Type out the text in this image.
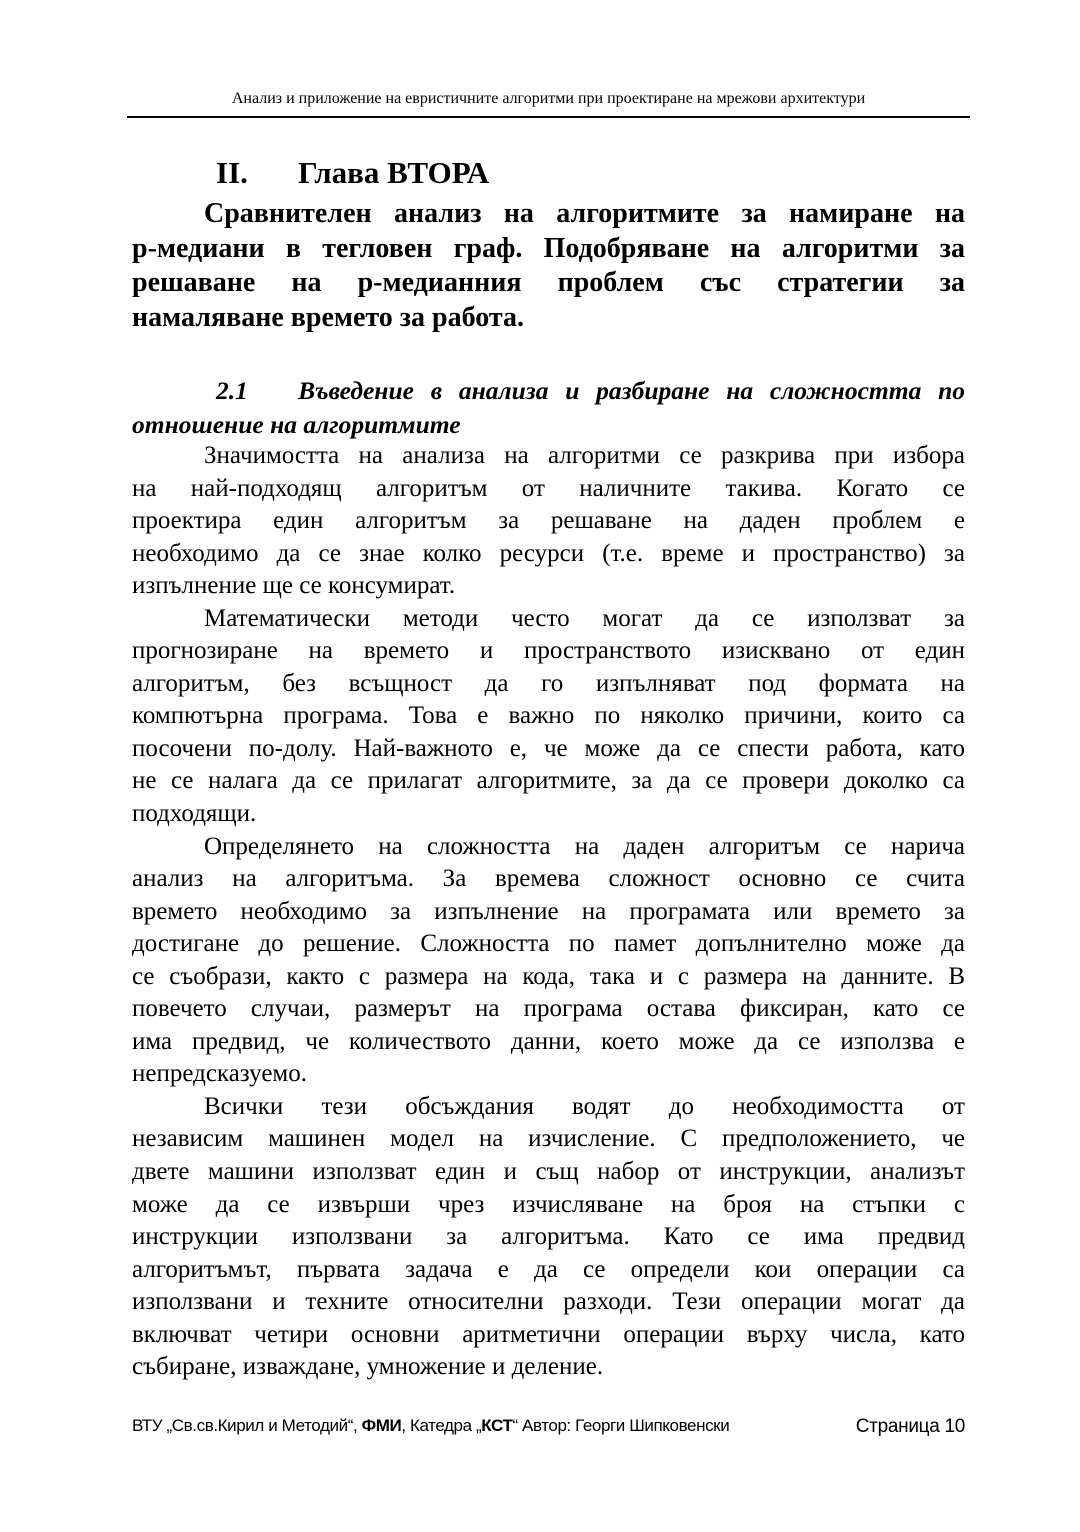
Анализ и приложение на евристичните алгоритми при проектиране на мрежови архитектури
II. Глава ВТОРА
Сравнителен анализ на алгоритмите за намиране на
р-медиани в тегловен граф. Подобряване на алгоритми за
решаване на р-медианния проблем със стратегии за
намаляване времето за работа.
2.1 Въведение в анализа и разбиране на сложността по
отношение на алгоритмите
Значимостта на анализа на алгоритми се разкрива при избора
на най-подходящ алгоритъм от наличните такива. Когато се
проектира един алгоритъм за решаване на даден проблем е
необходимо да се знае колко ресурси (т.е. време и пространство) за
изпълнение ще се консумират.
Математически методи често могат да се използват за
прогнозиране на времето и пространството изисквано от един
алгоритъм, без всъщност да го изпълняват под формата на
компютърна програма. Това е важно по няколко причини, които са
посочени по-долу. Най-важното е, че може да се спести работа, като
не се налага да се прилагат алгоритмите, за да се провери доколко са
подходящи.
Определянето на сложността на даден алгоритъм се нарича
анализ на алгоритъма. За времева сложност основно се счита
времето необходимо за изпълнение на програмата или времето за
достигане до решение. Сложността по памет допълнително може да
се съобрази, както с размера на кода, така и с размера на данните. В
повечето случаи, размерът на програма остава фиксиран, като се
има предвид, че количеството данни, което може да се използва е
непредсказуемо.
Всички тези обсъждания водят до необходимостта от
независим машинен модел на изчисление. С предположението, че
двете машини използват един и същ набор от инструкции, анализът
може да се извърши чрез изчисляване на броя на стъпки с
инструкции използвани за алгоритъма. Като се има предвид
алгоритъмът, първата задача е да се определи кои операции са
използвани и техните относителни разходи. Тези операции могат да
включват четири основни аритметични операции върху числа, като
събиране, изваждане, умножение и деление.
ВТУ „Св.св.Кирил и Методий“, ФМИ, Катедра „КСТ“ Автор: Георги Шипковенски	Страница 10
